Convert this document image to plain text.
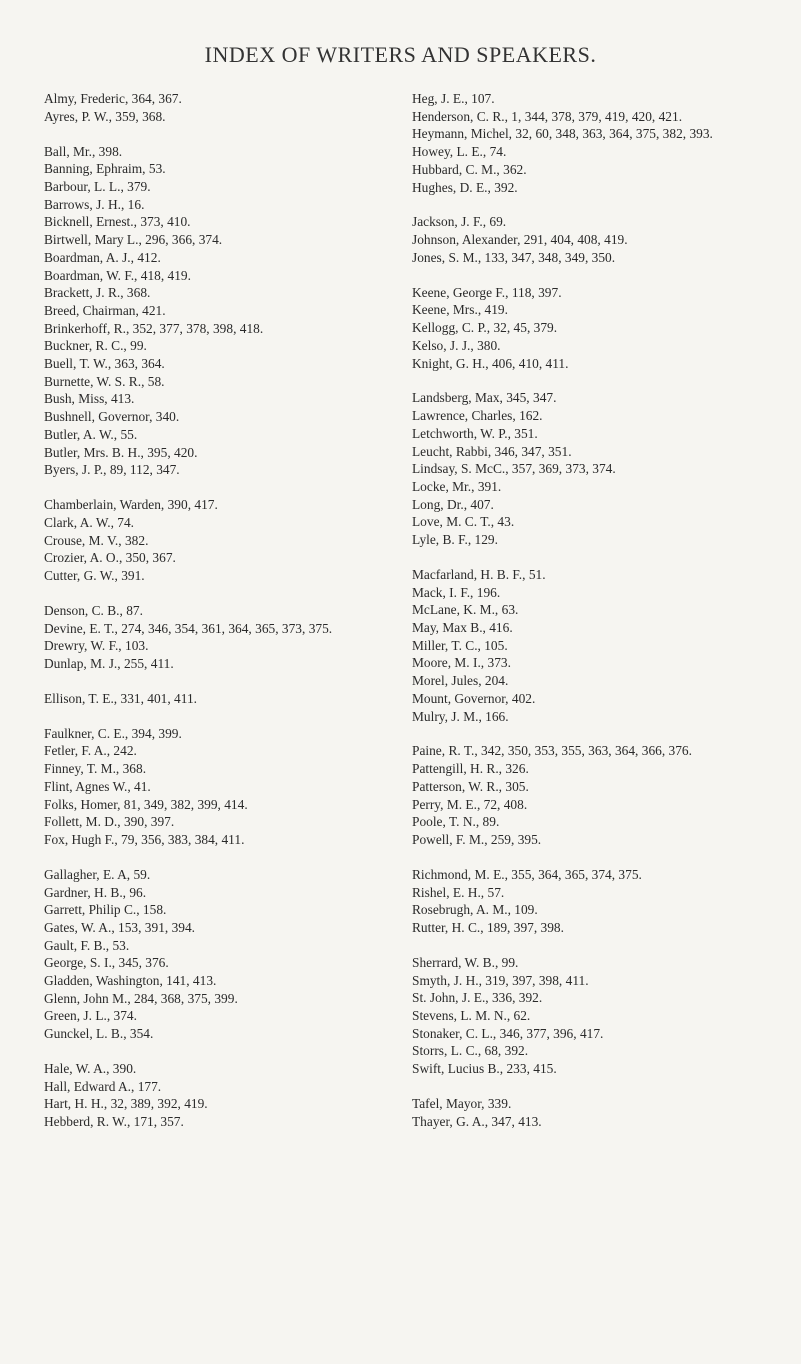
INDEX OF WRITERS AND SPEAKERS.
Almy, Frederic, 364, 367.
Ayres, P. W., 359, 368.
Ball, Mr., 398.
Banning, Ephraim, 53.
Barbour, L. L., 379.
Barrows, J. H., 16.
Bicknell, Ernest., 373, 410.
Birtwell, Mary L., 296, 366, 374.
Boardman, A. J., 412.
Boardman, W. F., 418, 419.
Brackett, J. R., 368.
Breed, Chairman, 421.
Brinkerhoff, R., 352, 377, 378, 398, 418.
Buckner, R. C., 99.
Buell, T. W., 363, 364.
Burnette, W. S. R., 58.
Bush, Miss, 413.
Bushnell, Governor, 340.
Butler, A. W., 55.
Butler, Mrs. B. H., 395, 420.
Byers, J. P., 89, 112, 347.
Chamberlain, Warden, 390, 417.
Clark, A. W., 74.
Crouse, M. V., 382.
Crozier, A. O., 350, 367.
Cutter, G. W., 391.
Denson, C. B., 87.
Devine, E. T., 274, 346, 354, 361, 364, 365, 373, 375.
Drewry, W. F., 103.
Dunlap, M. J., 255, 411.
Ellison, T. E., 331, 401, 411.
Faulkner, C. E., 394, 399.
Fetler, F. A., 242.
Finney, T. M., 368.
Flint, Agnes W., 41.
Folks, Homer, 81, 349, 382, 399, 414.
Follett, M. D., 390, 397.
Fox, Hugh F., 79, 356, 383, 384, 411.
Gallagher, E. A, 59.
Gardner, H. B., 96.
Garrett, Philip C., 158.
Gates, W. A., 153, 391, 394.
Gault, F. B., 53.
George, S. I., 345, 376.
Gladden, Washington, 141, 413.
Glenn, John M., 284, 368, 375, 399.
Green, J. L., 374.
Gunckel, L. B., 354.
Hale, W. A., 390.
Hall, Edward A., 177.
Hart, H. H., 32, 389, 392, 419.
Hebberd, R. W., 171, 357.
Heg, J. E., 107.
Henderson, C. R., 1, 344, 378, 379, 419, 420, 421.
Heymann, Michel, 32, 60, 348, 363, 364, 375, 382, 393.
Howey, L. E., 74.
Hubbard, C. M., 362.
Hughes, D. E., 392.
Jackson, J. F., 69.
Johnson, Alexander, 291, 404, 408, 419.
Jones, S. M., 133, 347, 348, 349, 350.
Keene, George F., 118, 397.
Keene, Mrs., 419.
Kellogg, C. P., 32, 45, 379.
Kelso, J. J., 380.
Knight, G. H., 406, 410, 411.
Landsberg, Max, 345, 347.
Lawrence, Charles, 162.
Letchworth, W. P., 351.
Leucht, Rabbi, 346, 347, 351.
Lindsay, S. McC., 357, 369, 373, 374.
Locke, Mr., 391.
Long, Dr., 407.
Love, M. C. T., 43.
Lyle, B. F., 129.
Macfarland, H. B. F., 51.
Mack, I. F., 196.
McLane, K. M., 63.
May, Max B., 416.
Miller, T. C., 105.
Moore, M. I., 373.
Morel, Jules, 204.
Mount, Governor, 402.
Mulry, J. M., 166.
Paine, R. T., 342, 350, 353, 355, 363, 364, 366, 376.
Pattengill, H. R., 326.
Patterson, W. R., 305.
Perry, M. E., 72, 408.
Poole, T. N., 89.
Powell, F. M., 259, 395.
Richmond, M. E., 355, 364, 365, 374, 375.
Rishel, E. H., 57.
Rosebrugh, A. M., 109.
Rutter, H. C., 189, 397, 398.
Sherrard, W. B., 99.
Smyth, J. H., 319, 397, 398, 411.
St. John, J. E., 336, 392.
Stevens, L. M. N., 62.
Stonaker, C. L., 346, 377, 396, 417.
Storrs, L. C., 68, 392.
Swift, Lucius B., 233, 415.
Tafel, Mayor, 339.
Thayer, G. A., 347, 413.
